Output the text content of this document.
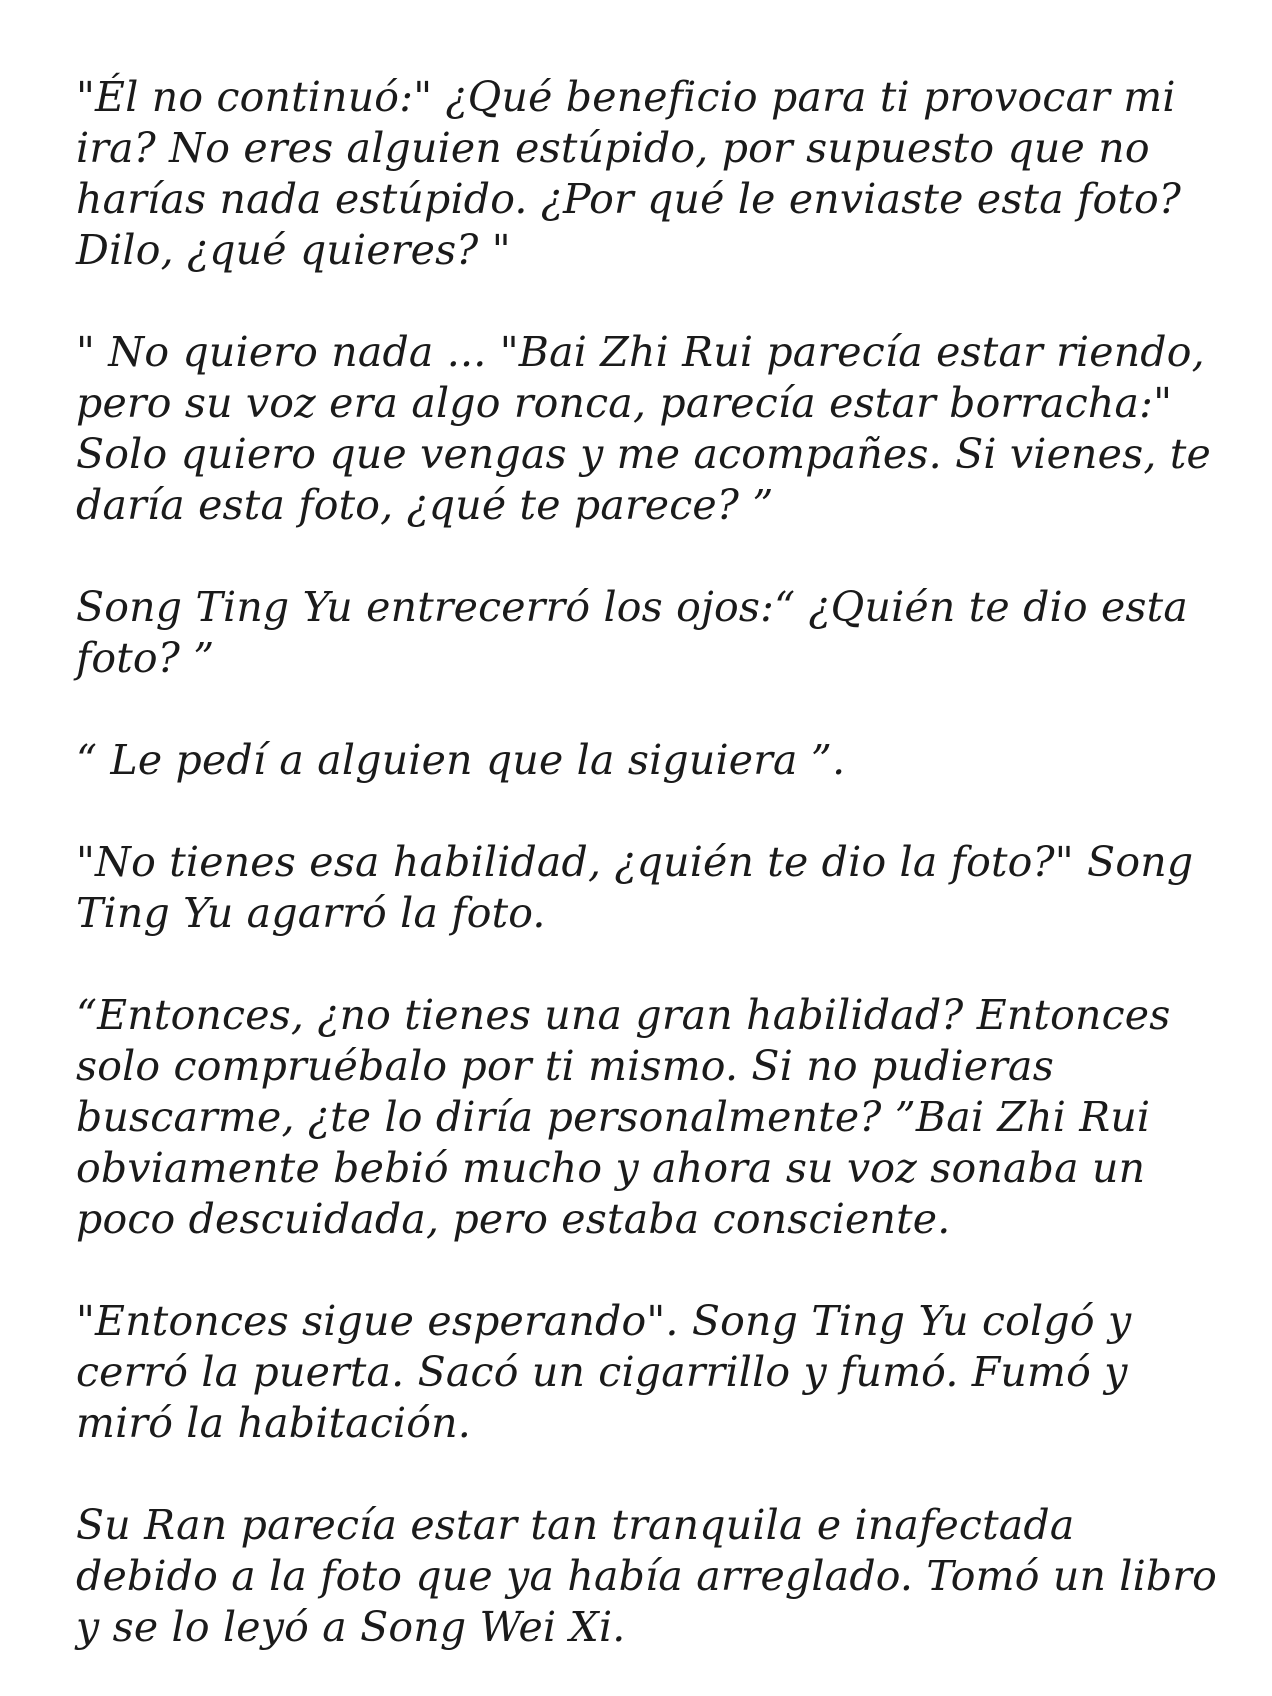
"Él no continuó:" ¿Qué beneficio para ti provocar mi ira? No eres alguien estúpido, por supuesto que no harías nada estúpido. ¿Por qué le enviaste esta foto? Dilo, ¿qué quieres? "

" No quiero nada ... "Bai Zhi Rui parecía estar riendo, pero su voz era algo ronca, parecía estar borracha:" Solo quiero que vengas y me acompañes. Si vienes, te daría esta foto, ¿qué te parece? ”

Song Ting Yu entrecerró los ojos:“ ¿Quién te dio esta foto? ”

“ Le pedí a alguien que la siguiera ”.

"No tienes esa habilidad, ¿quién te dio la foto?" Song Ting Yu agarró la foto.

“Entonces, ¿no tienes una gran habilidad? Entonces solo compruébalo por ti mismo. Si no pudieras buscarme, ¿te lo diría personalmente? ”Bai Zhi Rui obviamente bebió mucho y ahora su voz sonaba un poco descuidada, pero estaba consciente.

"Entonces sigue esperando". Song Ting Yu colgó y cerró la puerta. Sacó un cigarrillo y fumó. Fumó y miró la habitación.

Su Ran parecía estar tan tranquila e inafectada debido a la foto que ya había arreglado. Tomó un libro y se lo leyó a Song Wei Xi.
